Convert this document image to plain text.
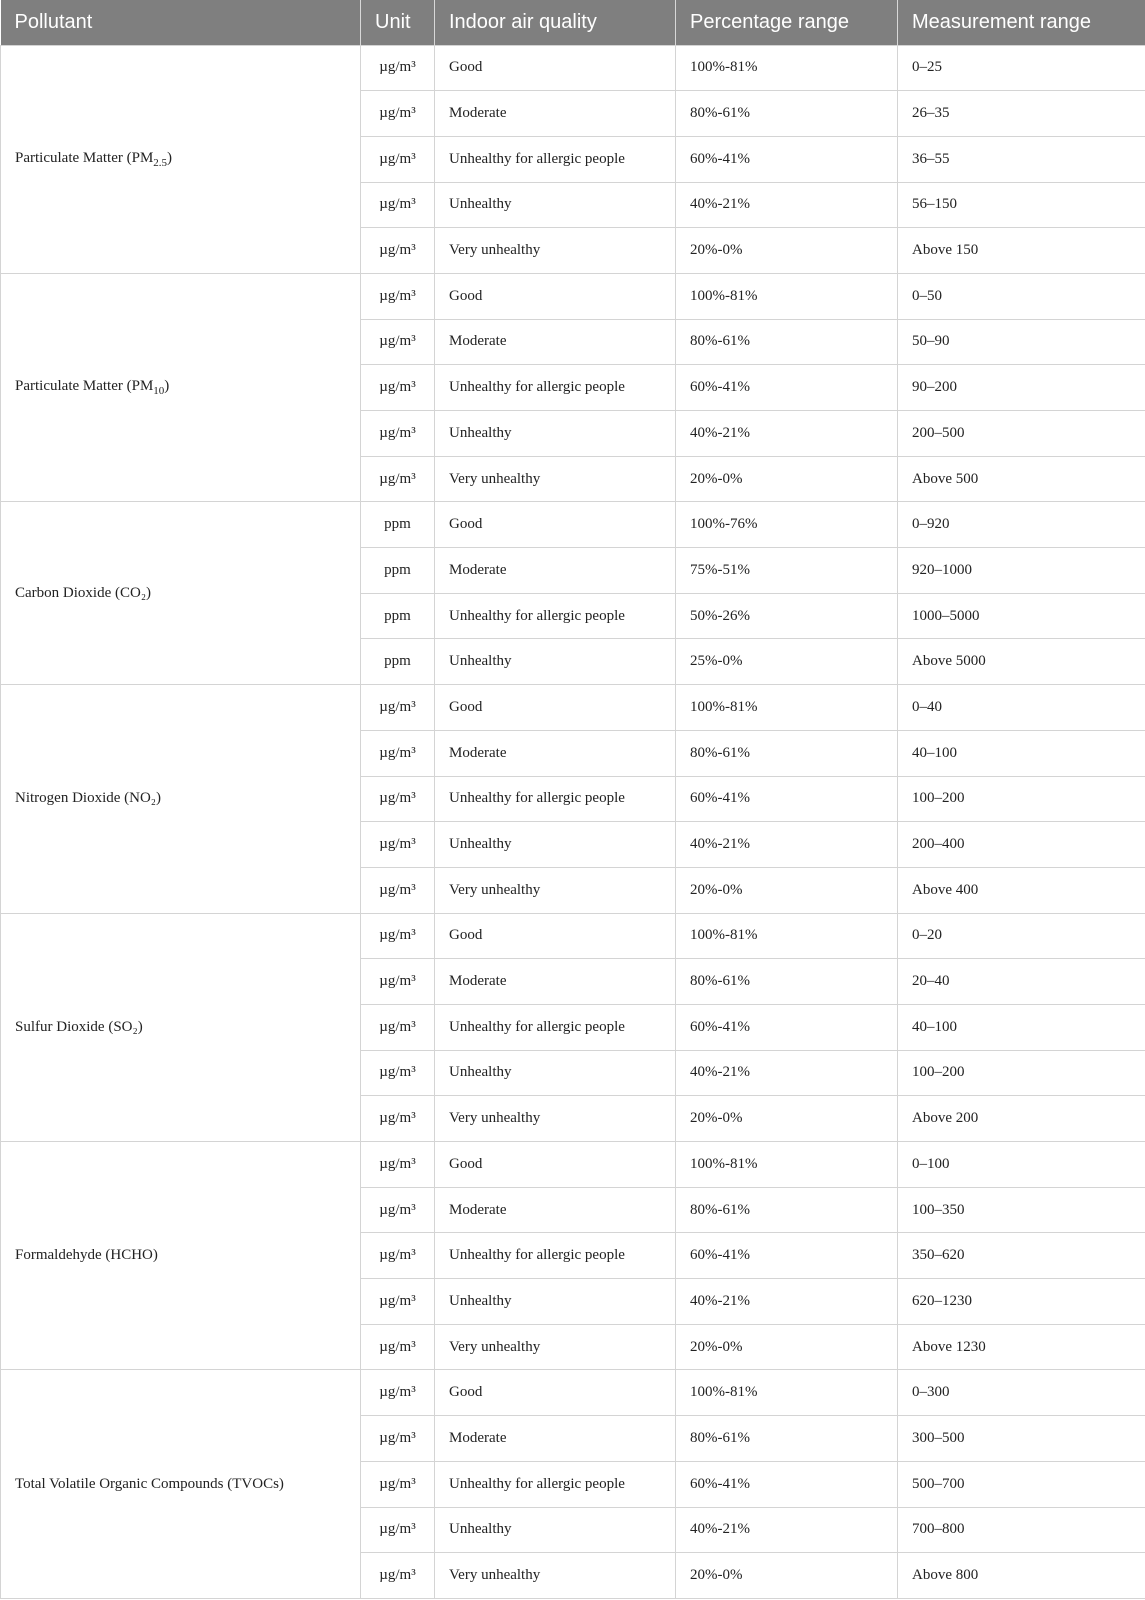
Pollutant	Unit	Indoor air quality	Percentage range	Measurement range
Particulate Matter $(PM_{2.5})$	µg/m³	Good	100%-81%	0–25
	µg/m³	Moderate	80%-61%	26–35
	µg/m³	Unhealthy for allergic people	60%-41%	36–55
	µg/m³	Unhealthy	40%-21%	56–150
	µg/m³	Very unhealthy	20%-0%	Above 150
Particulate Matter $(PM_{10})$	µg/m³	Good	100%-81%	0–50
	µg/m³	Moderate	80%-61%	50–90
	µg/m³	Unhealthy for allergic people	60%-41%	90–200
	µg/m³	Unhealthy	40%-21%	200–500
	µg/m³	Very unhealthy	20%-0%	Above 500
Carbon Dioxide (CO₂)	ppm	Good	100%-76%	0–920
	ppm	Moderate	75%-51%	920–1000
	ppm	Unhealthy for allergic people	50%-26%	1000–5000
	ppm	Unhealthy	25%-0%	Above 5000
Nitrogen Dioxide (NO₂)	µg/m³	Good	100%-81%	0–40
	µg/m³	Moderate	80%-61%	40–100
	µg/m³	Unhealthy for allergic people	60%-41%	100–200
	µg/m³	Unhealthy	40%-21%	200–400
	µg/m³	Very unhealthy	20%-0%	Above 400
Sulfur Dioxide (SO₂)	µg/m³	Good	100%-81%	0–20
	µg/m³	Moderate	80%-61%	20–40
	µg/m³	Unhealthy for allergic people	60%-41%	40–100
	µg/m³	Unhealthy	40%-21%	100–200
	µg/m³	Very unhealthy	20%-0%	Above 200
Formaldehyde (HCHO)	µg/m³	Good	100%-81%	0–100
	µg/m³	Moderate	80%-61%	100–350
	µg/m³	Unhealthy for allergic people	60%-41%	350–620
	µg/m³	Unhealthy	40%-21%	620–1230
	µg/m³	Very unhealthy	20%-0%	Above 1230
Total Volatile Organic Compounds (TVOCs)	µg/m³	Good	100%-81%	0–300
	µg/m³	Moderate	80%-61%	300–500
	µg/m³	Unhealthy for allergic people	60%-41%	500–700
	µg/m³	Unhealthy	40%-21%	700–800
	µg/m³	Very unhealthy	20%-0%	Above 800
